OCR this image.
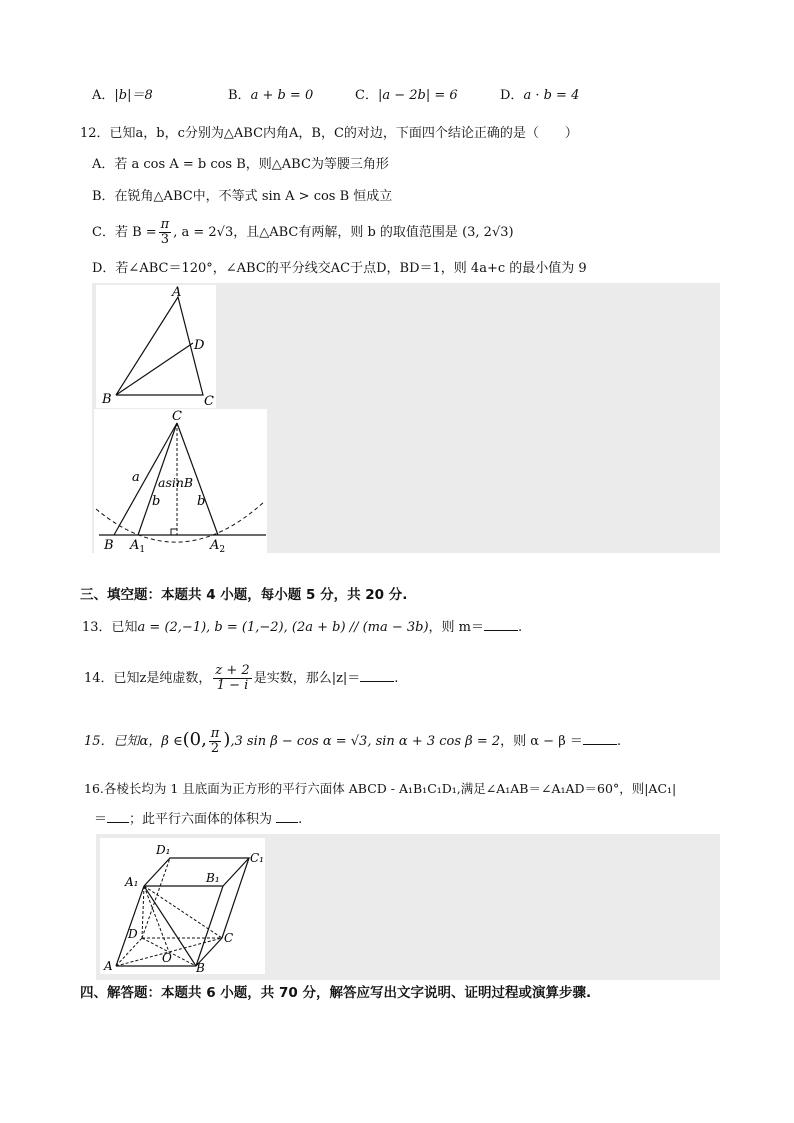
A．|b|＝8	B．a + b = 0	C．|a − 2b| = 6	D．a · b = 4
12．已知a，b，c分别为△ABC内角A，B，C的对边，下面四个结论正确的是（　　）
A．若 a cos A = b cos B，则△ABC为等腰三角形
B．在锐角△ABC中，不等式 sin A > cos B 恒成立
C．若 $B = \frac{\pi}{3}$ , a = 2√3，且△ABC有两解，则 b 的取值范围是 (3, 2√3)
D．若∠ABC＝120°，∠ABC的平分线交AC于点D，BD＝1，则 4a+c 的最小值为 9
A
B	C
D
C
B $A_1$	$A_2$
a
b	b
asinB
三、填空题：本题共 4 小题，每小题 5 分，共 20 分.
13．已知a = (2,−1), b = (1,−2), (2a + b) // (ma − 3b)，则 m＝	.
14．已知z是纯虚数， $\frac{z + 2}{1 - i}$ 是实数，那么|z|＝	.
15．已知α，β ∈(0, $\frac{\pi}{2} ),3$ sin β − cos α = √3, sin α + 3 cos β = 2，则 α − β ＝	.
16.各棱长均为 1 且底面为正方形的平行六面体 ABCD - A₁B₁C₁D₁,满足∠A₁AB＝∠A₁AD＝60°，则|AC₁|
＝ ；此平行六面体的体积为 .
D₁
C₁
A₁	B₁
D	C
O
A	B
四、解答题：本题共 6 小题，共 70 分，解答应写出文字说明、证明过程或演算步骤.
